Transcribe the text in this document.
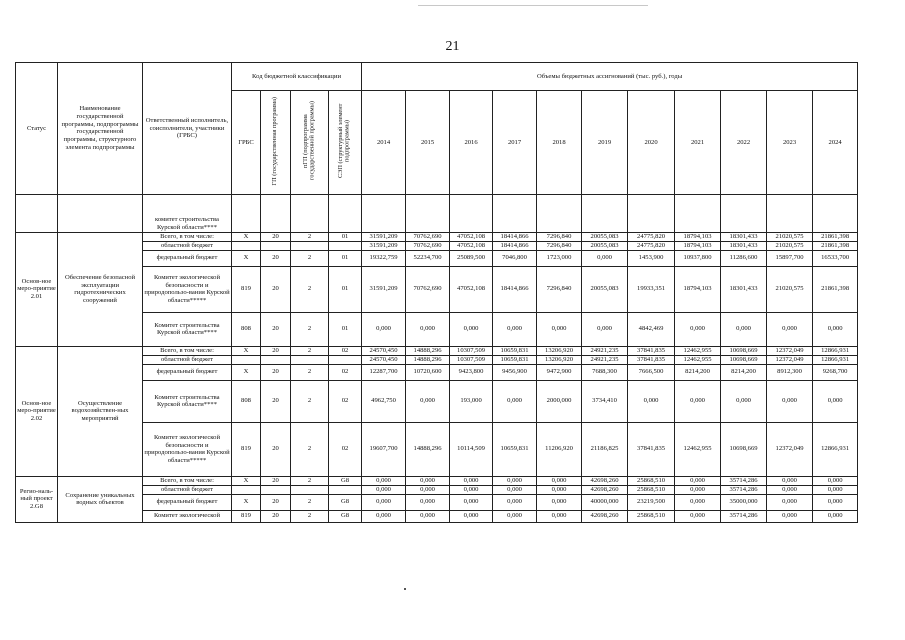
21
Статус	Наименование государственной программы, подпрограммы государственной программы, структурного элемента подпрограммы	Ответственный исполнитель, соисполнители, участники (ГРБС)	Код бюджетной классификации				Объемы бюджетных ассигнований (тыс. руб.), годы										
			ГРБС	ГП (государственная программа)	пГП (подпрограмма государственной программы)	СЭП (структурный элемент подпрограммы)	2014	2015	2016	2017	2018	2019	2020	2021	2022	2023	2024
		комитет строительства Курской области****															
Основ-ное меро-приятие 2.01	Обеспечение безопасной эксплуатации гидротехнических сооружений	Всего, в том числе:	X	20	2	01	31591,209	70762,690	47052,108	18414,866	7296,840	20055,083	24775,820	18794,103	18301,433	21020,575	21861,398
		областной бюджет					31591,209	70762,690	47052,108	18414,866	7296,840	20055,083	24775,820	18794,103	18301,433	21020,575	21861,398
		федеральный бюджет	X	20	2	01	19322,759	52234,700	25089,500	7046,800	1723,000	0,000	1453,900	10937,800	11286,600	15897,700	16533,700
		Комитет экологической безопасности и природопользо-вания Курской области*****	819	20	2	01	31591,209	70762,690	47052,108	18414,866	7296,840	20055,083	19933,351	18794,103	18301,433	21020,575	21861,398
		Комитет строительства Курской области****	808	20	2	01	0,000	0,000	0,000	0,000	0,000	0,000	4842,469	0,000	0,000	0,000	0,000
Основ-ное меро-приятие 2.02	Осуществление водохозяйствен-ных мероприятий	Всего, в том числе:	X	20	2	02	24570,450	14888,296	10307,509	10659,831	13206,920	24921,235	37841,835	12462,955	10698,669	12372,049	12866,931
		областной бюджет					24570,450	14888,296	10307,509	10659,831	13206,920	24921,235	37841,835	12462,955	10698,669	12372,049	12866,931
		федеральный бюджет	X	20	2	02	12287,700	10720,600	9423,800	9456,900	9472,900	7688,300	7666,500	8214,200	8214,200	8912,300	9268,700
		Комитет строительства Курской области****	808	20	2	02	4962,750	0,000	193,000	0,000	2000,000	3734,410	0,000	0,000	0,000	0,000	0,000
		Комитет экологической безопасности и природопользо-вания Курской области*****	819	20	2	02	19607,700	14888,296	10114,509	10659,831	11206,920	21186,825	37841,835	12462,955	10698,669	12372,049	12866,931
Регио-наль-ный проект 2.G8	Сохранение уникальных водных объектов	Всего, в том числе:	X	20	2	G8	0,000	0,000	0,000	0,000	0,000	42698,260	25868,510	0,000	35714,286	0,000	0,000
		областной бюджет					0,000	0,000	0,000	0,000	0,000	42698,260	25868,510	0,000	35714,286	0,000	0,000
		федеральный бюджет	X	20	2	G8	0,000	0,000	0,000	0,000	0,000	40000,000	23219,500	0,000	35000,000	0,000	0,000
		Комитет экологической	819	20	2	G8	0,000	0,000	0,000	0,000	0,000	42698,260	25868,510	0,000	35714,286	0,000	0,000
